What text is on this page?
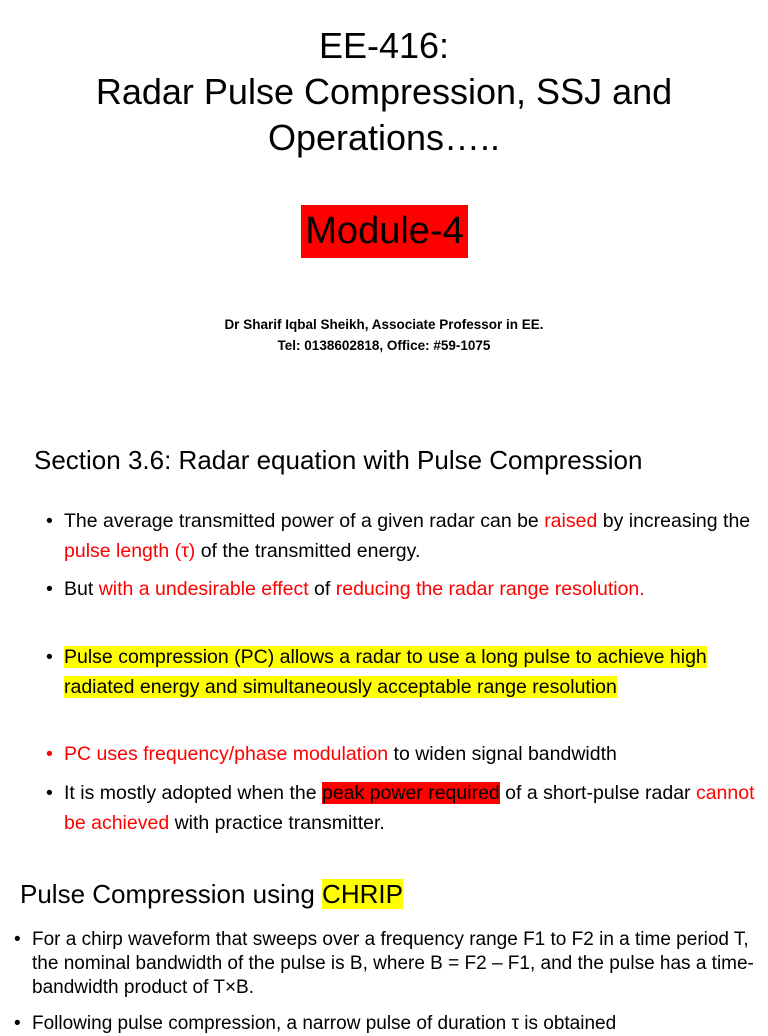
EE-416:
Radar Pulse Compression, SSJ and
Operations…..
Module-4
Dr Sharif Iqbal Sheikh, Associate Professor in EE.
Tel: 0138602818, Office: #59-1075
Section 3.6: Radar equation with Pulse Compression
• The average transmitted power of a given radar can be raised by increasing the pulse length (τ) of the transmitted energy.
• But with a undesirable effect of reducing the radar range resolution.
• Pulse compression (PC) allows a radar to use a long pulse to achieve high radiated energy and simultaneously acceptable range resolution
• PC uses frequency/phase modulation to widen signal bandwidth
• It is mostly adopted when the peak power required of a short-pulse radar cannot be achieved with practice transmitter.
Pulse Compression using CHRIP
• For a chirp waveform that sweeps over a frequency range F1 to F2 in a time period T, the nominal bandwidth of the pulse is B, where B = F2 – F1, and the pulse has a time-bandwidth product of T×B.
• Following pulse compression, a narrow pulse of duration τ is obtained
